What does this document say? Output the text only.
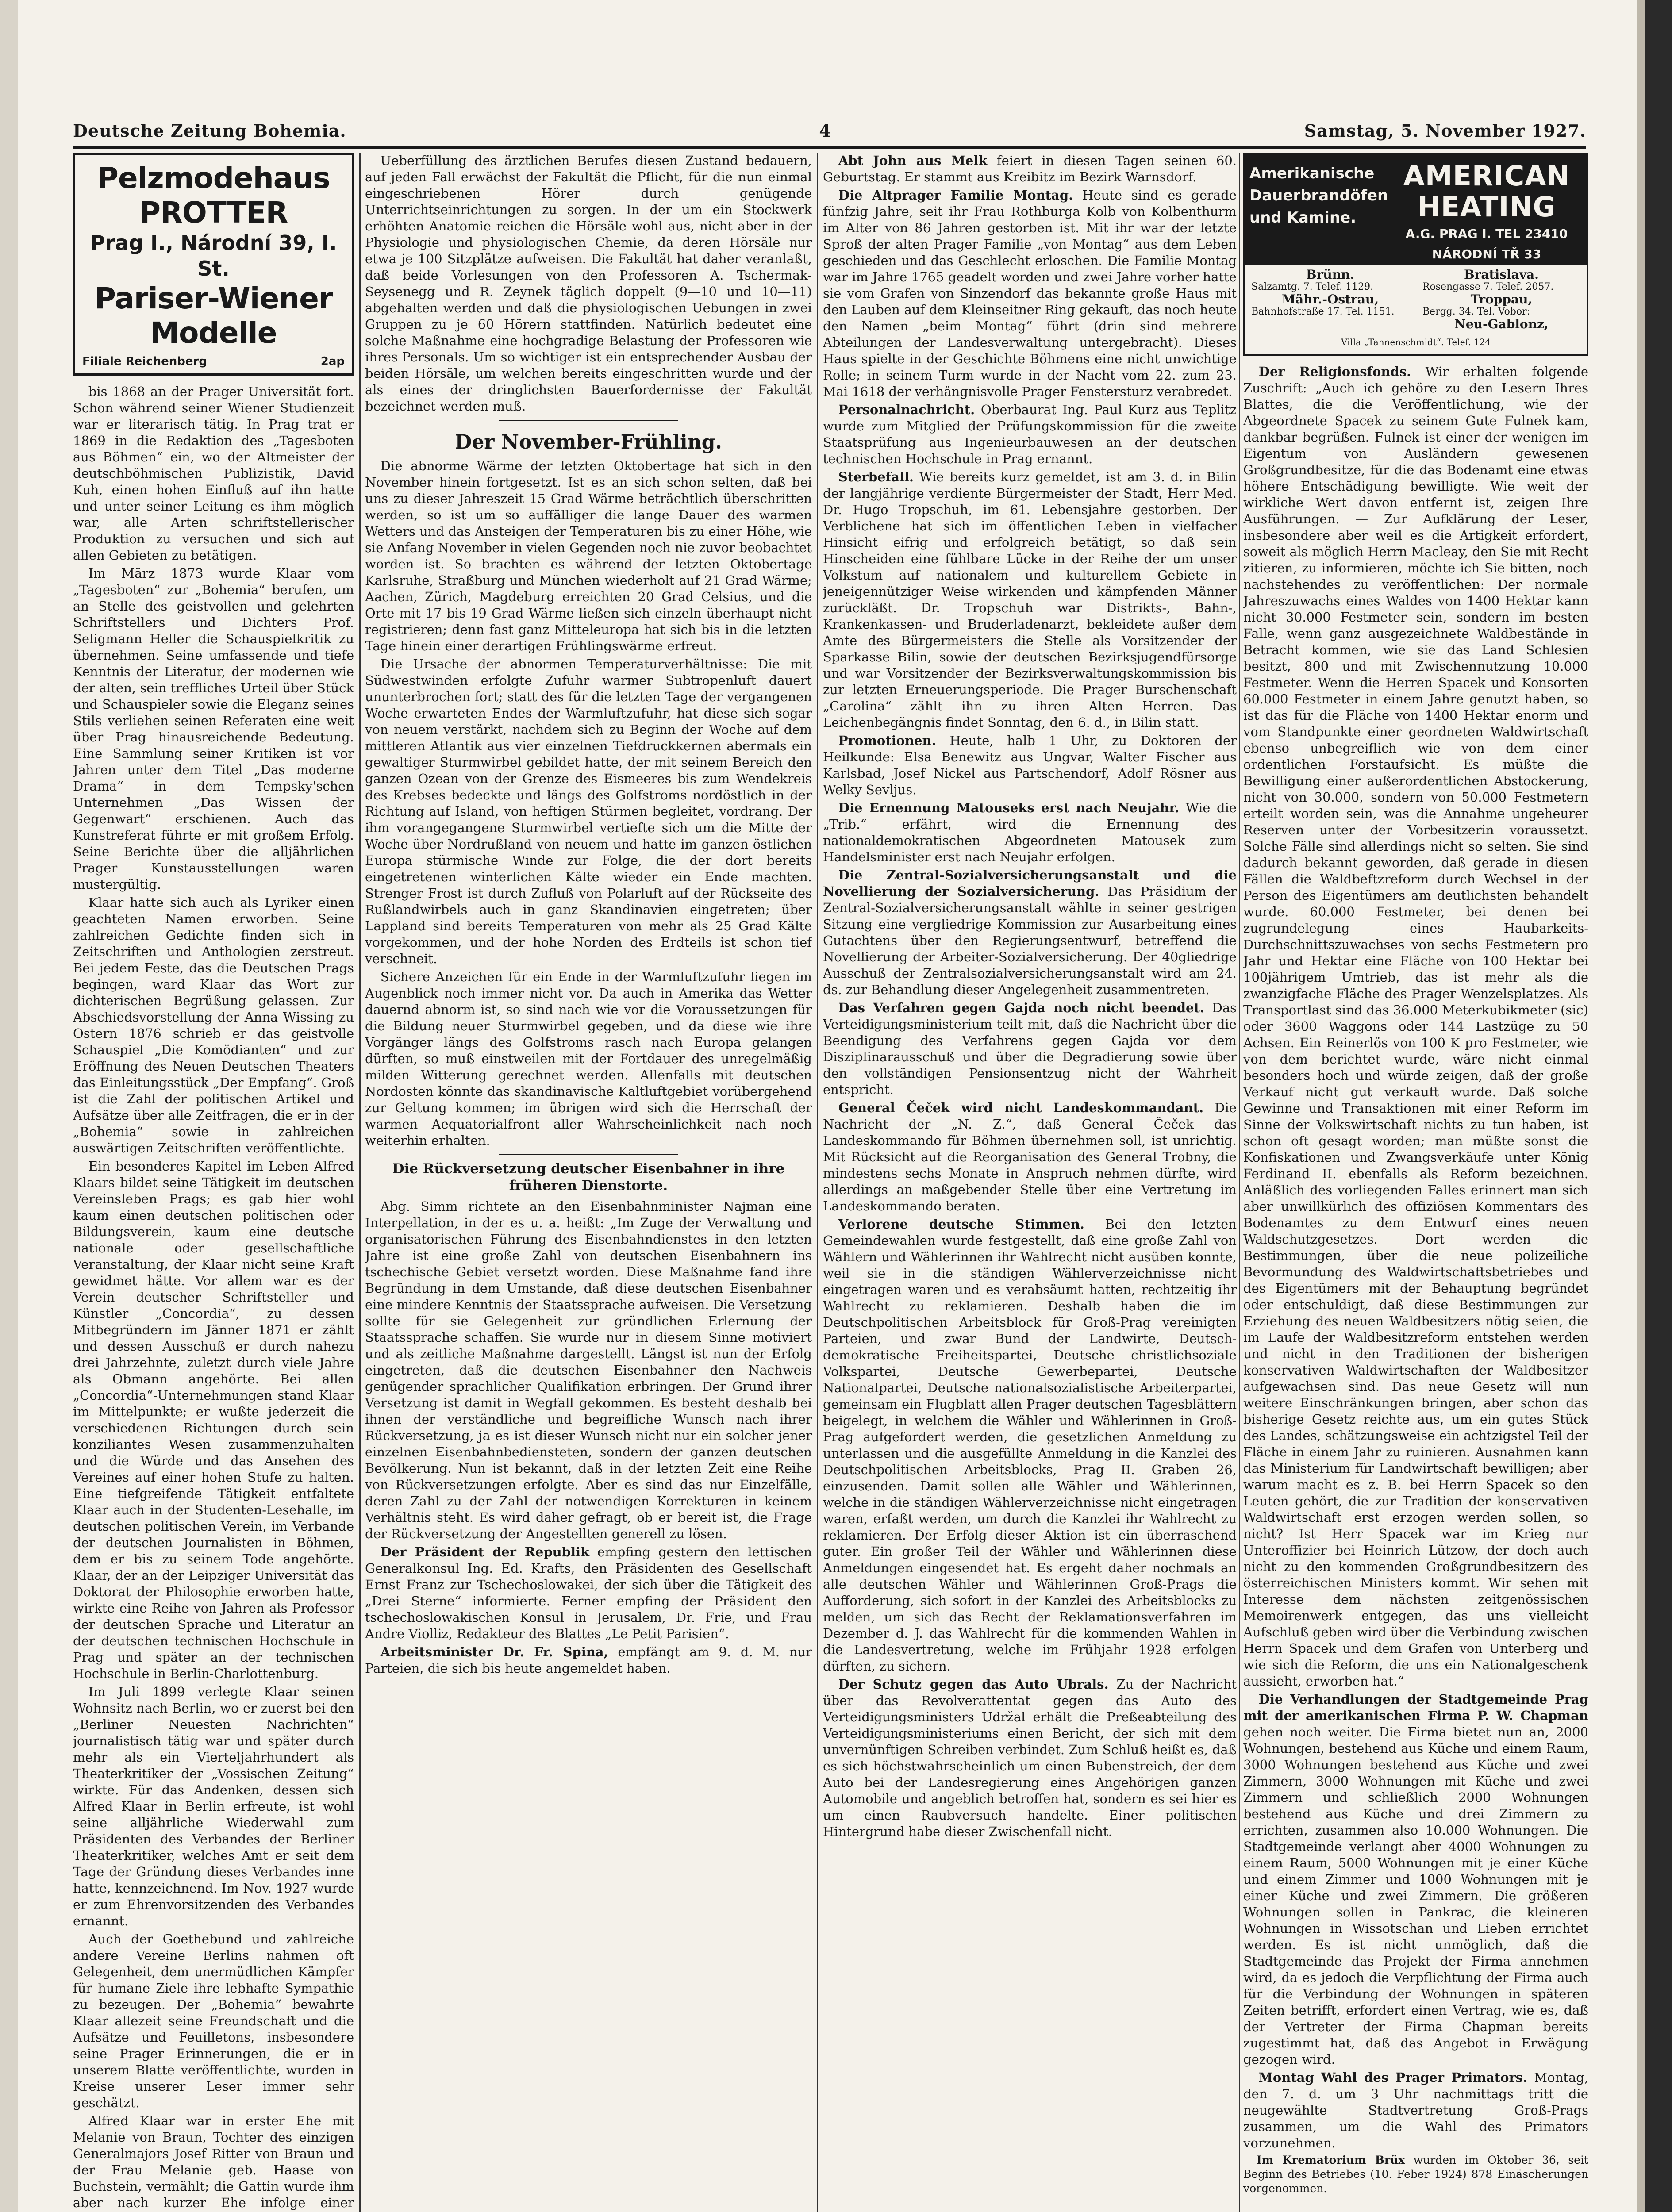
Deutsche Zeitung Bohemia.	4	Samstag, 5. November 1927.
Pelzmodehaus PROTTER
Prag I., Národní 39, I. St.
Pariser-Wiener Modelle
Filiale Reichenberg	2ap

bis 1868 an der Prager Universität fort. Schon während seiner Wiener Studienzeit war er literarisch tätig. In Prag trat er 1869 in die Redaktion des „Tagesboten aus Böhmen“ ein, wo der Altmeister der deutschböhmischen Publizistik, David Kuh, einen hohen Einfluß auf ihn hatte und unter seiner Leitung es ihm möglich war, alle Arten schriftstellerischer Produktion zu versuchen und sich auf allen Gebieten zu betätigen.

Im März 1873 wurde Klaar vom „Tagesboten“ zur „Bohemia“ berufen, um an Stelle des geistvollen und gelehrten Schriftstellers und Dichters Prof. Seligmann Heller die Schauspielkritik zu übernehmen. Seine umfassende und tiefe Kenntnis der Literatur, der modernen wie der alten, sein treffliches Urteil über Stück und Schauspieler sowie die Eleganz seines Stils verliehen seinen Referaten eine weit über Prag hinausreichende Bedeutung. Eine Sammlung seiner Kritiken ist vor Jahren unter dem Titel „Das moderne Drama“ in dem Tempsky'schen Unternehmen „Das Wissen der Gegenwart“ erschienen. Auch das Kunstreferat führte er mit großem Erfolg. Seine Berichte über die alljährlichen Prager Kunstausstellungen waren mustergültig.

Klaar hatte sich auch als Lyriker einen geachteten Namen erworben. Seine zahlreichen Gedichte finden sich in Zeitschriften und Anthologien zerstreut. Bei jedem Feste, das die Deutschen Prags begingen, ward Klaar das Wort zur dichterischen Begrüßung gelassen. Zur Abschiedsvorstellung der Anna Wissing zu Ostern 1876 schrieb er das geistvolle Schauspiel „Die Komödianten“ und zur Eröffnung des Neuen Deutschen Theaters das Einleitungsstück „Der Empfang“. Groß ist die Zahl der politischen Artikel und Aufsätze über alle Zeitfragen, die er in der „Bohemia“ sowie in zahlreichen auswärtigen Zeitschriften veröffentlichte.

Ein besonderes Kapitel im Leben Alfred Klaars bildet seine Tätigkeit im deutschen Vereinsleben Prags; es gab hier wohl kaum einen deutschen politischen oder Bildungsverein, kaum eine deutsche nationale oder gesellschaftliche Veranstaltung, der Klaar nicht seine Kraft gewidmet hätte. Vor allem war es der Verein deutscher Schriftsteller und Künstler „Concordia“, zu dessen Mitbegründern im Jänner 1871 er zählt und dessen Ausschuß er durch nahezu drei Jahrzehnte, zuletzt durch viele Jahre als Obmann angehörte. Bei allen „Concordia“-Unternehmungen stand Klaar im Mittelpunkte; er wußte jederzeit die verschiedenen Richtungen durch sein konziliantes Wesen zusammenzuhalten und die Würde und das Ansehen des Vereines auf einer hohen Stufe zu halten. Eine tiefgreifende Tätigkeit entfaltete Klaar auch in der Studenten-Lesehalle, im deutschen politischen Verein, im Verbande der deutschen Journalisten in Böhmen, dem er bis zu seinem Tode angehörte. Klaar, der an der Leipziger Universität das Doktorat der Philosophie erworben hatte, wirkte eine Reihe von Jahren als Professor der deutschen Sprache und Literatur an der deutschen technischen Hochschule in Prag und später an der technischen Hochschule in Berlin-Charlottenburg.

Im Juli 1899 verlegte Klaar seinen Wohnsitz nach Berlin, wo er zuerst bei den „Berliner Neuesten Nachrichten“ journalistisch tätig war und später durch mehr als ein Vierteljahrhundert als Theaterkritiker der „Vossischen Zeitung“ wirkte. Für das Andenken, dessen sich Alfred Klaar in Berlin erfreute, ist wohl seine alljährliche Wiederwahl zum Präsidenten des Verbandes der Berliner Theaterkritiker, welches Amt er seit dem Tage der Gründung dieses Verbandes inne hatte, kennzeichnend. Im Nov. 1927 wurde er zum Ehrenvorsitzenden des Verbandes ernannt.

Auch der Goethebund und zahlreiche andere Vereine Berlins nahmen oft Gelegenheit, dem unermüdlichen Kämpfer für humane Ziele ihre lebhafte Sympathie zu bezeugen. Der „Bohemia“ bewahrte Klaar allezeit seine Freundschaft und die Aufsätze und Feuilletons, insbesondere seine Prager Erinnerungen, die er in unserem Blatte veröffentlichte, wurden in Kreise unserer Leser immer sehr geschätzt.

Alfred Klaar war in erster Ehe mit Melanie von Braun, Tochter des einzigen Generalmajors Josef Ritter von Braun und der Frau Melanie geb. Haase von Buchstein, vermählt; die Gattin wurde ihm aber nach kurzer Ehe infolge einer

Ueberfüllung des ärztlichen Berufes diesen Zustand bedauern, auf jeden Fall erwächst der Fakultät die Pflicht, für die nun einmal eingeschriebenen Hörer durch genügende Unterrichtseinrichtungen zu sorgen. In der um ein Stockwerk erhöhten Anatomie reichen die Hörsäle wohl aus, nicht aber in der Physiologie und physiologischen Chemie, da deren Hörsäle nur etwa je 100 Sitzplätze aufweisen. Die Fakultät hat daher veranlaßt, daß beide Vorlesungen von den Professoren A. Tschermak-Seysenegg und R. Zeynek täglich doppelt (9—10 und 10—11) abgehalten werden und daß die physiologischen Uebungen in zwei Gruppen zu je 60 Hörern stattfinden. Natürlich bedeutet eine solche Maßnahme eine hochgradige Belastung der Professoren wie ihres Personals. Um so wichtiger ist ein entsprechender Ausbau der beiden Hörsäle, um welchen bereits eingeschritten wurde und der als eines der dringlichsten Bauerfordernisse der Fakultät bezeichnet werden muß.

Der November-Frühling.

Die abnorme Wärme der letzten Oktobertage hat sich in den November hinein fortgesetzt. Ist es an sich schon selten, daß bei uns zu dieser Jahreszeit 15 Grad Wärme beträchtlich überschritten werden, so ist um so auffälliger die lange Dauer des warmen Wetters und das Ansteigen der Temperaturen bis zu einer Höhe, wie sie Anfang November in vielen Gegenden noch nie zuvor beobachtet worden ist. So brachten es während der letzten Oktobertage Karlsruhe, Straßburg und München wiederholt auf 21 Grad Wärme; Aachen, Zürich, Magdeburg erreichten 20 Grad Celsius, und die Orte mit 17 bis 19 Grad Wärme ließen sich einzeln überhaupt nicht registrieren; denn fast ganz Mitteleuropa hat sich bis in die letzten Tage hinein einer derartigen Frühlingswärme erfreut.

Die Ursache der abnormen Temperaturverhältnisse: Die mit Südwestwinden erfolgte Zufuhr warmer Subtropenluft dauert ununterbrochen fort; statt des für die letzten Tage der vergangenen Woche erwarteten Endes der Warmluftzufuhr, hat diese sich sogar von neuem verstärkt, nachdem sich zu Beginn der Woche auf dem mittleren Atlantik aus vier einzelnen Tiefdruckkernen abermals ein gewaltiger Sturmwirbel gebildet hatte, der mit seinem Bereich den ganzen Ozean von der Grenze des Eismeeres bis zum Wendekreis des Krebses bedeckte und längs des Golfstroms nordöstlich in der Richtung auf Island, von heftigen Stürmen begleitet, vordrang. Der ihm vorangegangene Sturmwirbel vertiefte sich um die Mitte der Woche über Nordrußland von neuem und hatte im ganzen östlichen Europa stürmische Winde zur Folge, die der dort bereits eingetretenen winterlichen Kälte wieder ein Ende machten. Strenger Frost ist durch Zufluß von Polarluft auf der Rückseite des Rußlandwirbels auch in ganz Skandinavien eingetreten; über Lappland sind bereits Temperaturen von mehr als 25 Grad Kälte vorgekommen, und der hohe Norden des Erdteils ist schon tief verschneit.

Sichere Anzeichen für ein Ende in der Warmluftzufuhr liegen im Augenblick noch immer nicht vor. Da auch in Amerika das Wetter dauernd abnorm ist, so sind nach wie vor die Voraussetzungen für die Bildung neuer Sturmwirbel gegeben, und da diese wie ihre Vorgänger längs des Golfstroms rasch nach Europa gelangen dürften, so muß einstweilen mit der Fortdauer des unregelmäßig milden Witterung gerechnet werden. Allenfalls mit deutschen Nordosten könnte das skandinavische Kaltluftgebiet vorübergehend zur Geltung kommen; im übrigen wird sich die Herrschaft der warmen Aequatorialfront aller Wahrscheinlichkeit nach noch weiterhin erhalten.

Die Rückversetzung deutscher Eisenbahner in ihre früheren Dienstorte.

Abg. Simm richtete an den Eisenbahnminister Najman eine Interpellation, in der es u. a. heißt: „Im Zuge der Verwaltung und organisatorischen Führung des Eisenbahndienstes in den letzten Jahre ist eine große Zahl von deutschen Eisenbahnern ins tschechische Gebiet versetzt worden. Diese Maßnahme fand ihre Begründung in dem Umstande, daß diese deutschen Eisenbahner eine mindere Kenntnis der Staatssprache aufweisen. Die Versetzung sollte für sie Gelegenheit zur gründlichen Erlernung der Staatssprache schaffen. Sie wurde nur in diesem Sinne motiviert und als zeitliche Maßnahme dargestellt. Längst ist nun der Erfolg eingetreten, daß die deutschen Eisenbahner den Nachweis genügender sprachlicher Qualifikation erbringen. Der Grund ihrer Versetzung ist damit in Wegfall gekommen. Es besteht deshalb bei ihnen der verständliche und begreifliche Wunsch nach ihrer Rückversetzung, ja es ist dieser Wunsch nicht nur ein solcher jener einzelnen Eisenbahnbediensteten, sondern der ganzen deutschen Bevölkerung. Nun ist bekannt, daß in der letzten Zeit eine Reihe von Rückversetzungen erfolgte. Aber es sind das nur Einzelfälle, deren Zahl zu der Zahl der notwendigen Korrekturen in keinem Verhältnis steht. Es wird daher gefragt, ob er bereit ist, die Frage der Rückversetzung der Angestellten generell zu lösen.

Der Präsident der Republik empfing gestern den lettischen Generalkonsul Ing. Ed. Krafts, den Präsidenten des Gesellschaft Ernst Franz zur Tschechoslowakei, der sich über die Tätigkeit des „Drei Sterne“ informierte. Ferner empfing der Präsident den tschechoslowakischen Konsul in Jerusalem, Dr. Frie, und Frau Andre Violliz, Redakteur des Blattes „Le Petit Parisien“.

Arbeitsminister Dr. Fr. Spina, empfängt am 9. d. M. nur Parteien, die sich bis heute angemeldet haben.

Abt John aus Melk feiert in diesen Tagen seinen 60. Geburtstag. Er stammt aus Kreibitz im Bezirk Warnsdorf.

Die Altprager Familie Montag. Heute sind es gerade fünfzig Jahre, seit ihr Frau Rothburga Kolb von Kolbenthurm im Alter von 86 Jahren gestorben ist. Mit ihr war der letzte Sproß der alten Prager Familie „von Montag“ aus dem Leben geschieden und das Geschlecht erloschen. Die Familie Montag war im Jahre 1765 geadelt worden und zwei Jahre vorher hatte sie vom Grafen von Sinzendorf das bekannte große Haus mit den Lauben auf dem Kleinseitner Ring gekauft, das noch heute den Namen „beim Montag“ führt (drin sind mehrere Abteilungen der Landesverwaltung untergebracht). Dieses Haus spielte in der Geschichte Böhmens eine nicht unwichtige Rolle; in seinem Turm wurde in der Nacht vom 22. zum 23. Mai 1618 der verhängnisvolle Prager Fenstersturz verabredet.

Personalnachricht. Oberbaurat Ing. Paul Kurz aus Teplitz wurde zum Mitglied der Prüfungskommission für die zweite Staatsprüfung aus Ingenieurbauwesen an der deutschen technischen Hochschule in Prag ernannt.

Sterbefall. Wie bereits kurz gemeldet, ist am 3. d. in Bilin der langjährige verdiente Bürgermeister der Stadt, Herr Med. Dr. Hugo Tropschuh, im 61. Lebensjahre gestorben. Der Verblichene hat sich im öffentlichen Leben in vielfacher Hinsicht eifrig und erfolgreich betätigt, so daß sein Hinscheiden eine fühlbare Lücke in der Reihe der um unser Volkstum auf nationalem und kulturellem Gebiete in jeneigennütziger Weise wirkenden und kämpfenden Männer zurückläßt. Dr. Tropschuh war Distrikts-, Bahn-, Krankenkassen- und Bruderladenarzt, bekleidete außer dem Amte des Bürgermeisters die Stelle als Vorsitzender der Sparkasse Bilin, sowie der deutschen Bezirksjugendfürsorge und war Vorsitzender der Bezirksverwaltungskommission bis zur letzten Erneuerungsperiode. Die Prager Burschenschaft „Carolina“ zählt ihn zu ihren Alten Herren. Das Leichenbegängnis findet Sonntag, den 6. d., in Bilin statt.

Promotionen. Heute, halb 1 Uhr, zu Doktoren der Heilkunde: Elsa Benewitz aus Ungvar, Walter Fischer aus Karlsbad, Josef Nickel aus Partschendorf, Adolf Rösner aus Welky Sevljus.

Die Ernennung Matouseks erst nach Neujahr. Wie die „Trib.“ erfährt, wird die Ernennung des nationaldemokratischen Abgeordneten Matousek zum Handelsminister erst nach Neujahr erfolgen.

Die Zentral-Sozialversicherungsanstalt und die Novellierung der Sozialversicherung. Das Präsidium der Zentral-Sozialversicherungsanstalt wählte in seiner gestrigen Sitzung eine vergliedrige Kommission zur Ausarbeitung eines Gutachtens über den Regierungsentwurf, betreffend die Novellierung der Arbeiter-Sozialversicherung. Der 40gliedrige Ausschuß der Zentralsozialversicherungsanstalt wird am 24. ds. zur Behandlung dieser Angelegenheit zusammentreten.

Das Verfahren gegen Gajda noch nicht beendet. Das Verteidigungsministerium teilt mit, daß die Nachricht über die Beendigung des Verfahrens gegen Gajda vor dem Disziplinarausschuß und über die Degradierung sowie über den vollständigen Pensionsentzug nicht der Wahrheit entspricht.

General Čeček wird nicht Landeskommandant. Die Nachricht der „N. Z.“, daß General Čeček das Landeskommando für Böhmen übernehmen soll, ist unrichtig. Mit Rücksicht auf die Reorganisation des General Trobny, die mindestens sechs Monate in Anspruch nehmen dürfte, wird allerdings an maßgebender Stelle über eine Vertretung im Landeskommando beraten.

Verlorene deutsche Stimmen. Bei den letzten Gemeindewahlen wurde festgestellt, daß eine große Zahl von Wählern und Wählerinnen ihr Wahlrecht nicht ausüben konnte, weil sie in die ständigen Wählerverzeichnisse nicht eingetragen waren und es verabsäumt hatten, rechtzeitig ihr Wahlrecht zu reklamieren. Deshalb haben die im Deutschpolitischen Arbeitsblock für Groß-Prag vereinigten Parteien, und zwar Bund der Landwirte, Deutsch-demokratische Freiheitspartei, Deutsche christlichsoziale Volkspartei, Deutsche Gewerbepartei, Deutsche Nationalpartei, Deutsche nationalsozialistische Arbeiterpartei, gemeinsam ein Flugblatt allen Prager deutschen Tagesblättern beigelegt, in welchem die Wähler und Wählerinnen in Groß-Prag aufgefordert werden, die gesetzlichen Anmeldung zu unterlassen und die ausgefüllte Anmeldung in die Kanzlei des Deutschpolitischen Arbeitsblocks, Prag II. Graben 26, einzusenden. Damit sollen alle Wähler und Wählerinnen, welche in die ständigen Wählerverzeichnisse nicht eingetragen waren, erfaßt werden, um durch die Kanzlei ihr Wahlrecht zu reklamieren. Der Erfolg dieser Aktion ist ein überraschend guter. Ein großer Teil der Wähler und Wählerinnen diese Anmeldungen eingesendet hat. Es ergeht daher nochmals an alle deutschen Wähler und Wählerinnen Groß-Prags die Aufforderung, sich sofort in der Kanzlei des Arbeitsblocks zu melden, um sich das Recht der Reklamationsverfahren im Dezember d. J. das Wahlrecht für die kommenden Wahlen in die Landesvertretung, welche im Frühjahr 1928 erfolgen dürften, zu sichern.

Der Schutz gegen das Auto Ubrals. Zu der Nachricht über das Revolverattentat gegen das Auto des Verteidigungsministers Udržal erhält die Preßeabteilung des Verteidigungsministeriums einen Bericht, der sich mit dem unvernünftigen Schreiben verbindet. Zum Schluß heißt es, daß es sich höchstwahrscheinlich um einen Bubenstreich, der dem Auto bei der Landesregierung eines Angehörigen ganzen Automobile und angeblich betroffen hat, sondern es sei hier es um einen Raubversuch handelte. Einer politischen Hintergrund habe dieser Zwischenfall nicht.

Amerikanische
Dauerbrandöfen
und Kamine.
AMERICAN HEATING
A.G. PRAG I. TEL 23410
NÁRODNÍ TŘ 33
Brünn.
Salzamtg. 7. Telef. 1129.
Mähr.-Ostrau,
Bahnhofstraße 17. Tel. 1151.
Bratislava.
Rosengasse 7. Telef. 2057.
Troppau,
Bergg. 34. Tel. Vobor:
Neu-Gablonz,
Villa „Tannenschmidt“. Telef. 124

Der Religionsfonds. Wir erhalten folgende Zuschrift: „Auch ich gehöre zu den Lesern Ihres Blattes, die die Veröffentlichung, wie der Abgeordnete Spacek zu seinem Gute Fulnek kam, dankbar begrüßen. Fulnek ist einer der wenigen im Eigentum von Ausländern gewesenen Großgrundbesitze, für die das Bodenamt eine etwas höhere Entschädigung bewilligte. Wie weit der wirkliche Wert davon entfernt ist, zeigen Ihre Ausführungen. — Zur Aufklärung der Leser, insbesondere aber weil es die Artigkeit erfordert, soweit als möglich Herrn Macleay, den Sie mit Recht zitieren, zu informieren, möchte ich Sie bitten, noch nachstehendes zu veröffentlichen: Der normale Jahreszuwachs eines Waldes von 1400 Hektar kann nicht 30.000 Festmeter sein, sondern im besten Falle, wenn ganz ausgezeichnete Waldbestände in Betracht kommen, wie sie das Land Schlesien besitzt, 800 und mit Zwischennutzung 10.000 Festmeter. Wenn die Herren Spacek und Konsorten 60.000 Festmeter in einem Jahre genutzt haben, so ist das für die Fläche von 1400 Hektar enorm und vom Standpunkte einer geordneten Waldwirtschaft ebenso unbegreiflich wie von dem einer ordentlichen Forstaufsicht. Es müßte die Bewilligung einer außerordentlichen Abstockerung, nicht von 30.000, sondern von 50.000 Festmetern erteilt worden sein, was die Annahme ungeheurer Reserven unter der Vorbesitzerin voraussetzt. Solche Fälle sind allerdings nicht so selten. Sie sind dadurch bekannt geworden, daß gerade in diesen Fällen die Waldbeftzreform durch Wechsel in der Person des Eigentümers am deutlichsten behandelt wurde. 60.000 Festmeter, bei denen bei zugrundelegung eines Haubarkeits-Durchschnittszuwachses von sechs Festmetern pro Jahr und Hektar eine Fläche von 100 Hektar bei 100jährigem Umtrieb, das ist mehr als die zwanzigfache Fläche des Prager Wenzelsplatzes. Als Transportlast sind das 36.000 Meterkubikmeter (sic) oder 3600 Waggons oder 144 Lastzüge zu 50 Achsen. Ein Reinerlös von 100 K pro Festmeter, wie von dem berichtet wurde, wäre nicht einmal besonders hoch und würde zeigen, daß der große Verkauf nicht gut verkauft wurde. Daß solche Gewinne und Transaktionen mit einer Reform im Sinne der Volkswirtschaft nichts zu tun haben, ist schon oft gesagt worden; man müßte sonst die Konfiskationen und Zwangsverkäufe unter König Ferdinand II. ebenfalls als Reform bezeichnen. Anläßlich des vorliegenden Falles erinnert man sich aber unwillkürlich des offiziösen Kommentars des Bodenamtes zu dem Entwurf eines neuen Waldschutzgesetzes. Dort werden die Bestimmungen, über die neue polizeiliche Bevormundung des Waldwirtschaftsbetriebes und des Eigentümers mit der Behauptung begründet oder entschuldigt, daß diese Bestimmungen zur Erziehung des neuen Waldbesitzers nötig seien, die im Laufe der Waldbesitzreform entstehen werden und nicht in den Traditionen der bisherigen konservativen Waldwirtschaften der Waldbesitzer aufgewachsen sind. Das neue Gesetz will nun weitere Einschränkungen bringen, aber schon das bisherige Gesetz reichte aus, um ein gutes Stück des Landes, schätzungsweise ein achtzigstel Teil der Fläche in einem Jahr zu ruinieren. Ausnahmen kann das Ministerium für Landwirtschaft bewilligen; aber warum macht es z. B. bei Herrn Spacek so den Leuten gehört, die zur Tradition der konservativen Waldwirtschaft erst erzogen werden sollen, so nicht? Ist Herr Spacek war im Krieg nur Unteroffizier bei Heinrich Lützow, der doch auch nicht zu den kommenden Großgrundbesitzern des österreichischen Ministers kommt. Wir sehen mit Interesse dem nächsten zeitgenössischen Memoirenwerk entgegen, das uns vielleicht Aufschluß geben wird über die Verbindung zwischen Herrn Spacek und dem Grafen von Unterberg und wie sich die Reform, die uns ein Nationalgeschenk aussieht, erworben hat.“

Die Verhandlungen der Stadtgemeinde Prag mit der amerikanischen Firma P. W. Chapman gehen noch weiter. Die Firma bietet nun an, 2000 Wohnungen, bestehend aus Küche und einem Raum, 3000 Wohnungen bestehend aus Küche und zwei Zimmern, 3000 Wohnungen mit Küche und zwei Zimmern und schließlich 2000 Wohnungen bestehend aus Küche und drei Zimmern zu errichten, zusammen also 10.000 Wohnungen. Die Stadtgemeinde verlangt aber 4000 Wohnungen zu einem Raum, 5000 Wohnungen mit je einer Küche und einem Zimmer und 1000 Wohnungen mit je einer Küche und zwei Zimmern. Die größeren Wohnungen sollen in Pankrac, die kleineren Wohnungen in Wissotschan und Lieben errichtet werden. Es ist nicht unmöglich, daß die Stadtgemeinde das Projekt der Firma annehmen wird, da es jedoch die Verpflichtung der Firma auch für die Verbindung der Wohnungen in späteren Zeiten betrifft, erfordert einen Vertrag, wie es, daß der Vertreter der Firma Chapman bereits zugestimmt hat, daß das Angebot in Erwägung gezogen wird.

Montag Wahl des Prager Primators. Montag, den 7. d. um 3 Uhr nachmittags tritt die neugewählte Stadtvertretung Groß-Prags zusammen, um die Wahl des Primators vorzunehmen.

Im Krematorium Brüx wurden im Oktober 36, seit Beginn des Betriebes (10. Feber 1924) 878 Einäscherungen vorgenommen.
